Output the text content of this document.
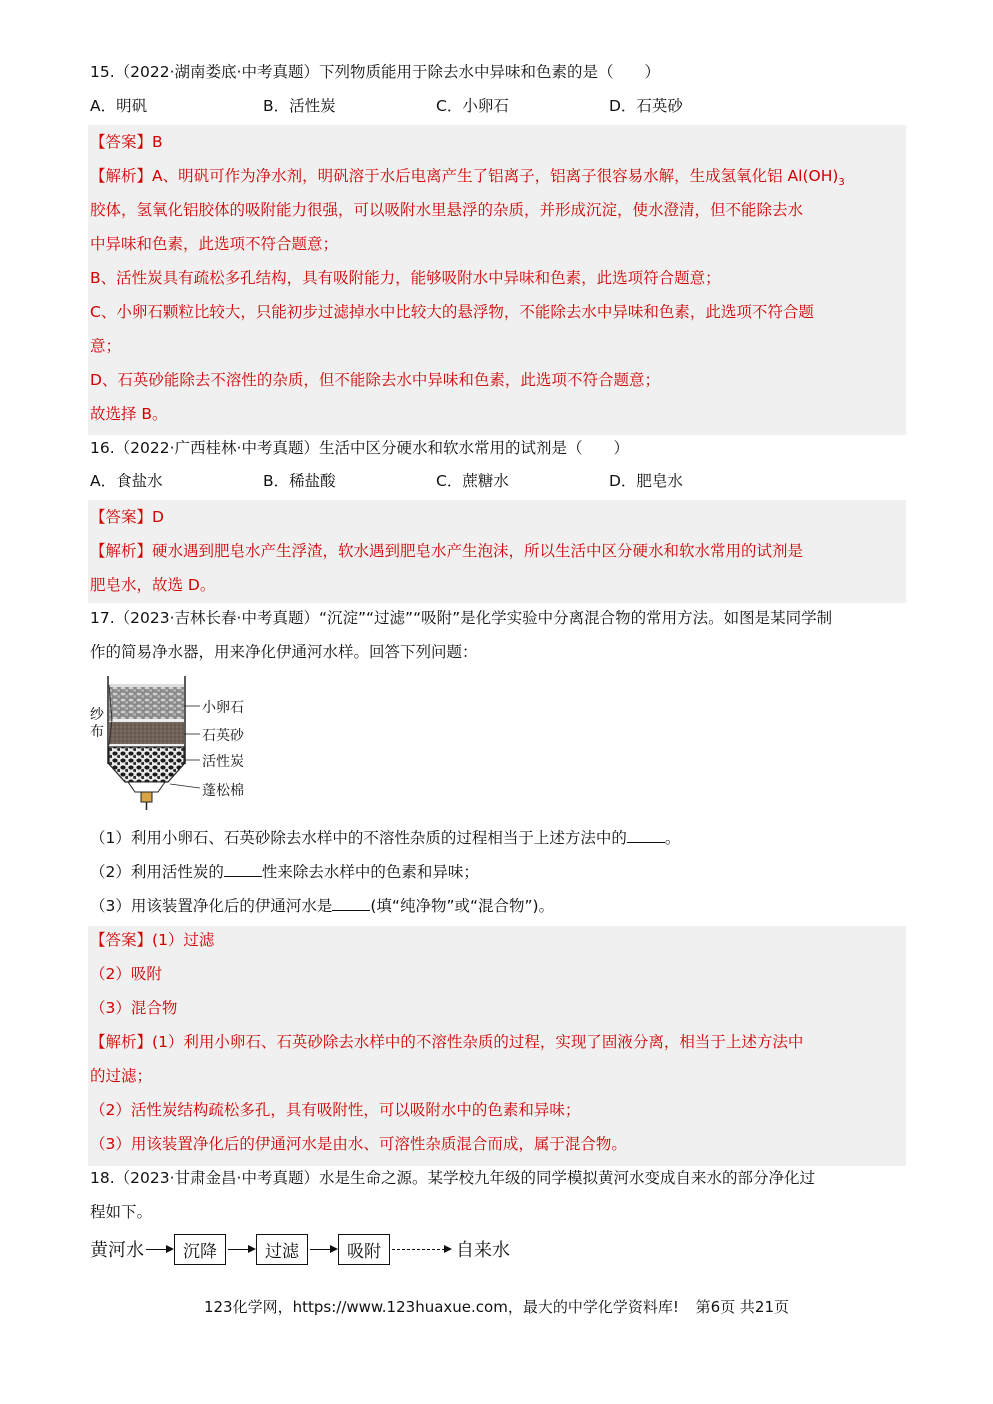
15.（2022·湖南娄底·中考真题）下列物质能用于除去水中异味和色素的是（　　）
A．明矾	B．活性炭	C．小卵石	D．石英砂
【答案】B
【解析】A、明矾可作为净水剂，明矾溶于水后电离产生了铝离子，铝离子很容易水解，生成氢氧化铝 $Al(OH)_3$
胶体，氢氧化铝胶体的吸附能力很强，可以吸附水里悬浮的杂质，并形成沉淀，使水澄清，但不能除去水
中异味和色素，此选项不符合题意；
B、活性炭具有疏松多孔结构，具有吸附能力，能够吸附水中异味和色素，此选项符合题意；
C、小卵石颗粒比较大，只能初步过滤掉水中比较大的悬浮物，不能除去水中异味和色素，此选项不符合题
意；
D、石英砂能除去不溶性的杂质，但不能除去水中异味和色素，此选项不符合题意；
故选择 B。
16.（2022·广西桂林·中考真题）生活中区分硬水和软水常用的试剂是（　　）
A．食盐水	B．稀盐酸	C．蔗糖水	D．肥皂水
【答案】D
【解析】硬水遇到肥皂水产生浮渣，软水遇到肥皂水产生泡沫，所以生活中区分硬水和软水常用的试剂是
肥皂水，故选 D。
17.（2023·吉林长春·中考真题）“沉淀”“过滤”“吸附”是化学实验中分离混合物的常用方法。如图是某同学制
作的简易净水器，用来净化伊通河水样。回答下列问题：
纱布
小卵石
石英砂
活性炭
蓬松棉
（1）利用小卵石、石英砂除去水样中的不溶性杂质的过程相当于上述方法中的 。
（2）利用活性炭的 性来除去水样中的色素和异味；
（3）用该装置净化后的伊通河水是 (填“纯净物”或“混合物”)。
【答案】(1）过滤
（2）吸附
（3）混合物
【解析】(1）利用小卵石、石英砂除去水样中的不溶性杂质的过程，实现了固液分离，相当于上述方法中
的过滤；
（2）活性炭结构疏松多孔，具有吸附性，可以吸附水中的色素和异味；
（3）用该装置净化后的伊通河水是由水、可溶性杂质混合而成，属于混合物。
18.（2023·甘肃金昌·中考真题）水是生命之源。某学校九年级的同学模拟黄河水变成自来水的部分净化过
程如下。
黄河水	沉降	过滤	吸附	自来水
123化学网，https://www.123huaxue.com，最大的中学化学资料库! 第6页 共21页
